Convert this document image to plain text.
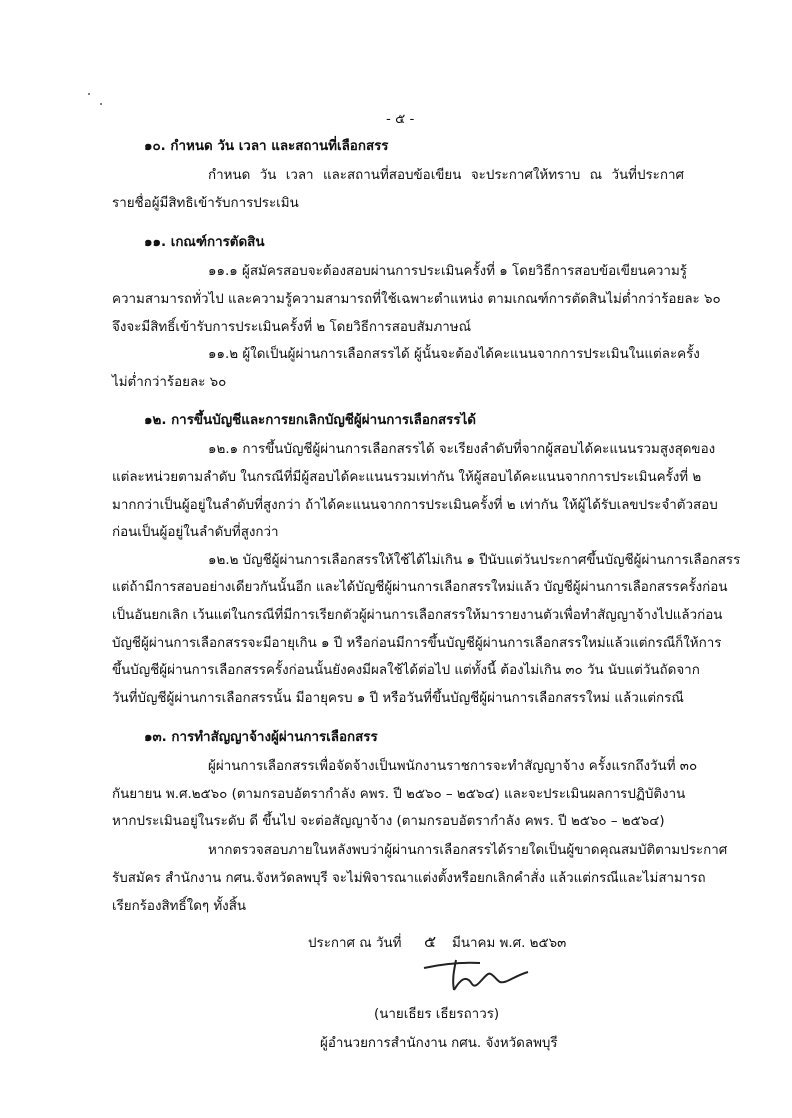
- ๕ -
๑๐. กำหนด วัน เวลา และสถานที่เลือกสรร
กำหนด วัน เวลา และสถานที่สอบข้อเขียน จะประกาศให้ทราบ ณ วันที่ประกาศ
รายชื่อผู้มีสิทธิเข้ารับการประเมิน
๑๑. เกณฑ์การตัดสิน
๑๑.๑ ผู้สมัครสอบจะต้องสอบผ่านการประเมินครั้งที่ ๑ โดยวิธีการสอบข้อเขียนความรู้
ความสามารถทั่วไป และความรู้ความสามารถที่ใช้เฉพาะตำแหน่ง ตามเกณฑ์การตัดสินไม่ต่ำกว่าร้อยละ ๖๐
จึงจะมีสิทธิ์เข้ารับการประเมินครั้งที่ ๒ โดยวิธีการสอบสัมภาษณ์
๑๑.๒ ผู้ใดเป็นผู้ผ่านการเลือกสรรได้ ผู้นั้นจะต้องได้คะแนนจากการประเมินในแต่ละครั้ง
ไม่ต่ำกว่าร้อยละ ๖๐
๑๒. การขึ้นบัญชีและการยกเลิกบัญชีผู้ผ่านการเลือกสรรได้
๑๒.๑ การขึ้นบัญชีผู้ผ่านการเลือกสรรได้ จะเรียงลำดับที่จากผู้สอบได้คะแนนรวมสูงสุดของ
แต่ละหน่วยตามลำดับ ในกรณีที่มีผู้สอบได้คะแนนรวมเท่ากัน ให้ผู้สอบได้คะแนนจากการประเมินครั้งที่ ๒
มากกว่าเป็นผู้อยู่ในลำดับที่สูงกว่า ถ้าได้คะแนนจากการประเมินครั้งที่ ๒ เท่ากัน ให้ผู้ได้รับเลขประจำตัวสอบ
ก่อนเป็นผู้อยู่ในลำดับที่สูงกว่า
๑๒.๒ บัญชีผู้ผ่านการเลือกสรรให้ใช้ได้ไม่เกิน ๑ ปีนับแต่วันประกาศขึ้นบัญชีผู้ผ่านการเลือกสรร
แต่ถ้ามีการสอบอย่างเดียวกันนั้นอีก และได้บัญชีผู้ผ่านการเลือกสรรใหม่แล้ว บัญชีผู้ผ่านการเลือกสรรครั้งก่อน
เป็นอันยกเลิก เว้นแต่ในกรณีที่มีการเรียกตัวผู้ผ่านการเลือกสรรให้มารายงานตัวเพื่อทำสัญญาจ้างไปแล้วก่อน
บัญชีผู้ผ่านการเลือกสรรจะมีอายุเกิน ๑ ปี หรือก่อนมีการขึ้นบัญชีผู้ผ่านการเลือกสรรใหม่แล้วแต่กรณีก็ให้การ
ขึ้นบัญชีผู้ผ่านการเลือกสรรครั้งก่อนนั้นยังคงมีผลใช้ได้ต่อไป แต่ทั้งนี้ ต้องไม่เกิน ๓๐ วัน นับแต่วันถัดจาก
วันที่บัญชีผู้ผ่านการเลือกสรรนั้น มีอายุครบ ๑ ปี หรือวันที่ขึ้นบัญชีผู้ผ่านการเลือกสรรใหม่ แล้วแต่กรณี
๑๓. การทำสัญญาจ้างผู้ผ่านการเลือกสรร
ผู้ผ่านการเลือกสรรเพื่อจัดจ้างเป็นพนักงานราชการจะทำสัญญาจ้าง ครั้งแรกถึงวันที่ ๓๐
กันยายน พ.ศ.๒๕๖๐ (ตามกรอบอัตรากำลัง คพร. ปี ๒๕๖๐ – ๒๕๖๔) และจะประเมินผลการปฏิบัติงาน
หากประเมินอยู่ในระดับ ดี ขึ้นไป จะต่อสัญญาจ้าง (ตามกรอบอัตรากำลัง คพร. ปี ๒๕๖๐ – ๒๕๖๔)
หากตรวจสอบภายในหลังพบว่าผู้ผ่านการเลือกสรรได้รายใดเป็นผู้ขาดคุณสมบัติตามประกาศ
รับสมัคร สำนักงาน กศน.จังหวัดลพบุรี จะไม่พิจารณาแต่งตั้งหรือยกเลิกคำสั่ง แล้วแต่กรณีและไม่สามารถ
เรียกร้องสิทธิ์ใดๆ ทั้งสิ้น
ประกาศ ณ วันที่ ๕ มีนาคม พ.ศ. ๒๕๖๓
(นายเธียร เธียรถาวร)
ผู้อำนวยการสำนักงาน กศน. จังหวัดลพบุรี
